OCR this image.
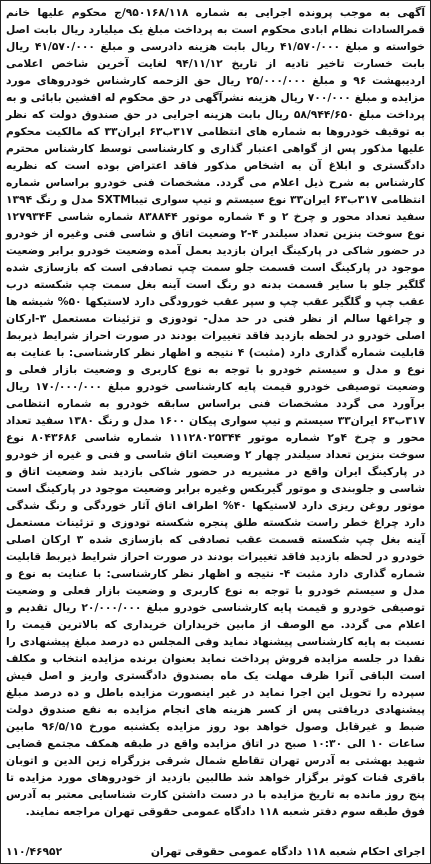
آگهی به موجب پرونده اجرایی به شماره ۹۵۰۱۶۸/۱۱۸/ج محکوم علیها خانم قمرالسادات نظام ابادی محکوم است به پرداخت مبلغ یک میلیارد ریال بابت اصل خواسته و مبلغ ۴۱/۵۷۰/۰۰۰ ریال بابت هزینه دادرسی و مبلغ ۴۱/۵۷۰/۰۰۰ ریال بابت خسارت تاخیر تادیه از تاریخ ۹۴/۱۱/۱۲ لغایت آخرین شاخص اعلامی اردیبهشت ۹۶ و مبلغ ۲۵/۰۰۰/۰۰۰ ریال حق الزحمه کارشناس خودروهای مورد مزایده و مبلغ ۷۰۰/۰۰۰ ریال هزینه نشرآگهی در حق محکوم له افشین بابائی و به پرداخت مبلغ ۵۸/۹۴۴/۶۵۰ ریال بابت هزینه اجرایی در حق صندوق دولت که نظر به توقیف خودروها به شماره های انتظامی ۳۱۷ب۶۳ ایران۳۳ که مالکیت محکوم علیها مذکور پس از گواهی اعتبار گذاری و کارشناسی توسط کارشناس محترم دادگستری و ابلاغ آن به اشخاص مذکور فاقد اعتراض بوده است که نظریه کارشناس به شرح ذیل اعلام می گردد. مشخصات فنی خودرو براساس شماره انتظامی ۳۱۷ب۶۳ ایران۳۳ نوع سیستم و تیپ سواری تیباSXTM مدل و رنگ ۱۳۹۴ سفید تعداد محور و چرخ ۲ و ۴ شماره موتور ۸۳۸۸۴۴ شماره شاسی ۱۲۷۹۳۴F نوع سوخت بنزین تعداد سیلندر ۴-۲ وضعیت اتاق و شاسی فنی وغیره از خودرو در حضور شاکی در پارکینگ ایران بازدید بعمل آمده وضعیت خودرو برابر وضعیت موجود در پارکینگ است قسمت جلو سمت چپ تصادفی است که بازسازی شده گلگیر جلو با سایر قسمت بدنه دو رنگ است آینه بغل سمت چپ شکسته درب عقب چپ و گلگیر عقب چپ و سپر عقب خورودگی دارد لاستیکها ۵۰% شیشه ها و چراغها سالم از نظر فنی در حد مدل- تودوزی و تزئینات مستعمل ۳-ارکان اصلی خودرو در لحظه بازدید فاقد تغییرات بودند در صورت احراز شرایط ذیربط قابلیت شماره گذاری دارد (مثبت) ۴ نتیجه و اظهار نظر کارشناسی: با عنایت به نوع و مدل و سیستم خودرو با توجه به نوع کاربری و وضعیت بازار فعلی و وضعیت توصیفی خودرو قیمت پایه کارشناسی خودرو مبلغ ۱۷۰/۰۰۰/۰۰۰ ریال برآورد می گردد مشخصات فنی براساس سابقه خودرو به شماره انتظامی ۳۱۷ب۶۳ ایران۳۳ سیستم و تیپ سواری پیکان ۱۶۰۰ مدل و رنگ ۱۳۸۰ سفید تعداد محور و چرخ ۴و۲ شماره موتور ۱۱۱۲۸۰۲۵۳۴۴ شماره شاسی ۸۰۴۳۶۸۶ نوع سوخت بنزین تعداد سیلندر چهار ۲ وضعیت اتاق شاسی و فنی و غیره از خودرو در پارکینگ ایران واقع در مشیریه در حضور شاکی بازدید شد وضعیت اتاق و شاسی و جلوبندی و موتور گیربکس وغیره برابر وضعیت موجود در پارکینگ است موتور روغن ریزی دارد لاستیکها ۴۰% اطراف اتاق آثار خوردگی و رنگ شدگی دارد چراغ خطر راست شکسته طلق پنجره شکسته تودوزی و تزئینات مستعمل آینه بغل چپ شکسته قسمت عقب تصادفی که بازسازی شده ۳ ارکان اصلی خودرو در لحظه بازدید فاقد تغییرات بودند در صورت احراز شرایط ذیربط قابلیت شماره گذاری دارد مثبت ۴- نتیجه و اظهار نظر کارشناسی: با عنایت به نوع و مدل و سیستم خودرو با توجه به نوع کاربری و وضعیت بازار فعلی و وضعیت توصیفی خودرو و قیمت پایه کارشناسی خودرو مبلغ ۲۰/۰۰۰/۰۰۰ ریال تقدیم و اعلام می گردد. مع الوصف از مابین خریداران خریداری که بالاترین قیمت را نسبت به پایه کارشناسی پیشنهاد نماید وفی المجلس ده درصد مبلغ پیشنهادی را نقدا در جلسه مزایده فروش پرداخت نماید بعنوان برنده مزایده انتخاب و مکلف است الباقی آنرا ظرف مهلت یک ماه بصندوق دادگستری واریز و اصل فیش سپرده را تحویل این اجرا نماید در غیر اینصورت مزایده باطل و ده درصد مبلغ پیشنهادی دریافتی پس از کسر هزینه های انجام مزایده به نفع صندوق دولت ضبط و غیرقابل وصول خواهد بود روز مزایده یکشنبه مورخ ۹۶/۵/۱۵ مابین ساعات ۱۰ الی ۱۰:۳۰ صبح در اتاق مزایده واقع در طبقه همکف مجتمع قضایی شهید بهشتی به آدرس تهران تقاطع شمال شرقی بزرگراه زین الدین و اتوبان باقری قنات کوثر برگزار خواهد شد طالبین بازدید از خودروهای مورد مزایده تا پنج روز مانده به تاریخ مزایده با در دست داشتن کارت شناسایی معتبر به آدرس فوق طبقه سوم دفتر شعبه ۱۱۸ دادگاه عمومی حقوقی تهران مراجعه نمایند.

اجرای احکام شعبه ۱۱۸ دادگاه عمومی حقوقی تهران
۱۱۰/۴۶۹۵۲
